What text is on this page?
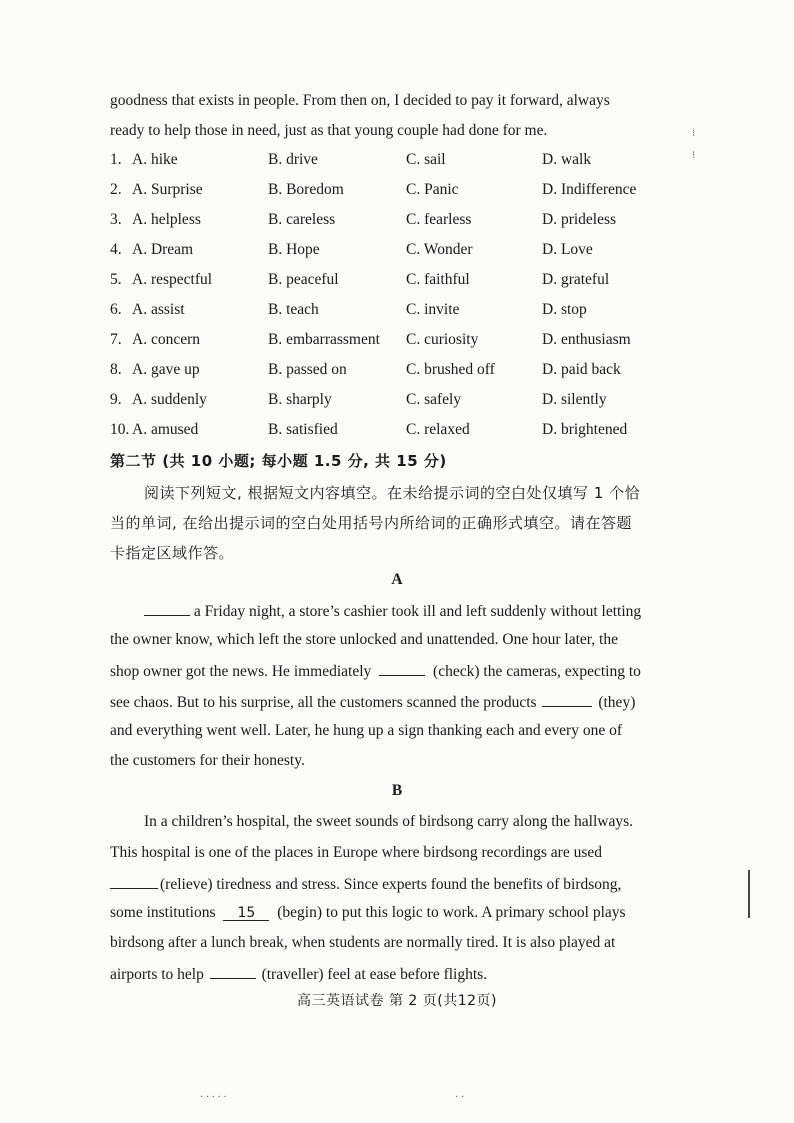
goodness that exists in people. From then on, I decided to pay it forward, always
ready to help those in need, just as that young couple had done for me.
1. A. hike	B. drive	C. sail	D. walk
2. A. Surprise	B. Boredom	C. Panic	D. Indifference
3. A. helpless	B. careless	C. fearless	D. prideless
4. A. Dream	B. Hope	C. Wonder	D. Love
5. A. respectful	B. peaceful	C. faithful	D. grateful
6. A. assist	B. teach	C. invite	D. stop
7. A. concern	B. embarrassment C. curiosity	D. enthusiasm
8. A. gave up	B. passed on	C. brushed off	D. paid back
9. A. suddenly	B. sharply	C. safely	D. silently
10. A. amused	B. satisfied	C. relaxed	D. brightened
第二节 (共 10 小题; 每小题 1.5 分, 共 15 分)
阅读下列短文, 根据短文内容填空。在未给提示词的空白处仅填写 1 个恰
当的单词, 在给出提示词的空白处用括号内所给词的正确形式填空。请在答题
卡指定区域作答。
A
a Friday night, a store’s cashier took ill and left suddenly without letting
the owner know, which left the store unlocked and unattended. One hour later, the
shop owner got the news. He immediately	(check) the cameras, expecting to
see chaos. But to his surprise, all the customers scanned the products	(they)
and everything went well. Later, he hung up a sign thanking each and every one of
the customers for their honesty.
B
In a children’s hospital, the sweet sounds of birdsong carry along the hallways.
This hospital is one of the places in Europe where birdsong recordings are used
(relieve) tiredness and stress. Since experts found the benefits of birdsong,
some institutions 15 (begin) to put this logic to work. A primary school plays
birdsong after a lunch break, when students are normally tired. It is also played at
airports to help	(traveller) feel at ease before flights.
高三英语试卷 第 2 页(共12页)
⁝
⁝
· · · · ·	· ·
